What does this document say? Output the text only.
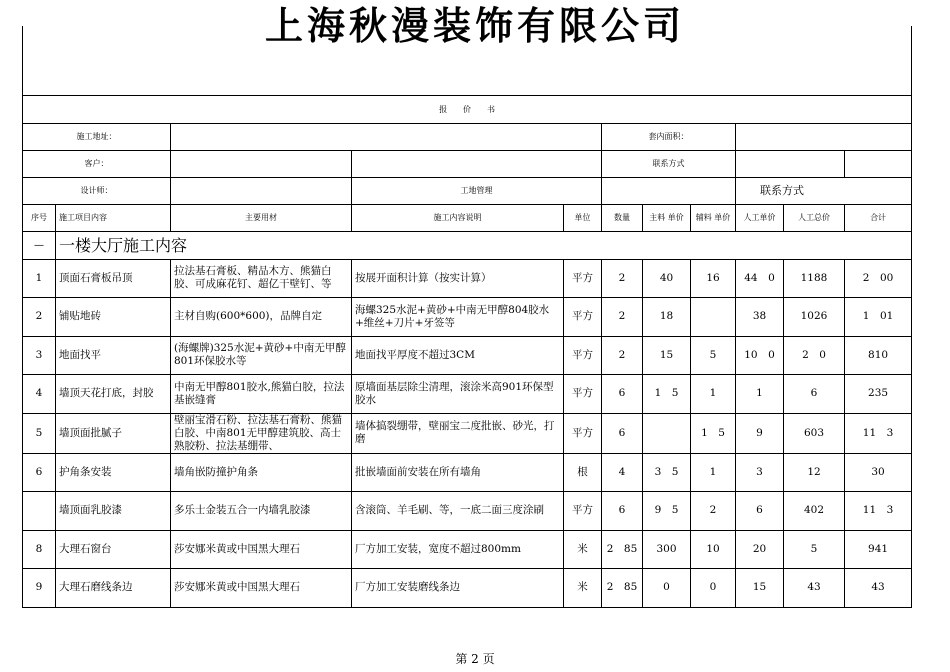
上海秋漫装饰有限公司

报　　价　　书										
施工地址：					套内面积：					
客户：					联系方式					
设计师：			工地管理					联系方式		
序号	施工项目内容	主要用材	施工内容说明	单位	数量	主料 单价	辅料 单价	人工单价	人工总价	合计
—	一楼大厅施工内容									
1	顶面石膏板吊顶	拉法基石膏板、精品木方、熊猫白胶、可成麻花钉、超亿干壁钉、等	按展开面积计算（按实计算）	平方	2	40	16	44　0	1188	2　00
2	铺贴地砖	主材自购(600*600)，品牌自定	海螺325水泥+黄砂+中南无甲醇804胶水+维丝+刀片+牙签等	平方	2	18		38	1026	1　01
3	地面找平	(海螺牌)325水泥+黄砂+中南无甲醇801环保胶水等	地面找平厚度不超过3CM	平方	2	15	5	10　0	2　0	810
4	墙顶天花打底，封胶	中南无甲醇801胶水,熊猫白胶，拉法基嵌缝膏	原墙面基层除尘清理，滚涂米高901环保型胶水	平方	6	1　5	1	1	6	235
5	墙顶面批腻子	壁丽宝滑石粉、拉法基石膏粉、熊猫白胶、中南801无甲醇建筑胶、高士熟胶粉、拉法基绷带、	墙体搞裂绷带，壁丽宝二度批嵌、砂光，打磨	平方	6		1　5	9	603	11　3
6	护角条安装	墙角嵌防撞护角条	批嵌墙面前安装在所有墙角	根	4	3　5	1	3	12	30
	墙顶面乳胶漆	多乐士金装五合一内墙乳胶漆	含滚筒、羊毛刷、等，一底二面三度涂刷	平方	6	9　5	2	6	402	11　3
8	大理石窗台	莎安娜米黄或中国黑大理石	厂方加工安装，宽度不超过800mm	米	2　85	300	10	20	5	941
9	大理石磨线条边	莎安娜米黄或中国黑大理石	厂方加工安装磨线条边	米	2　85	0	0	15	43	43
第 2 页
